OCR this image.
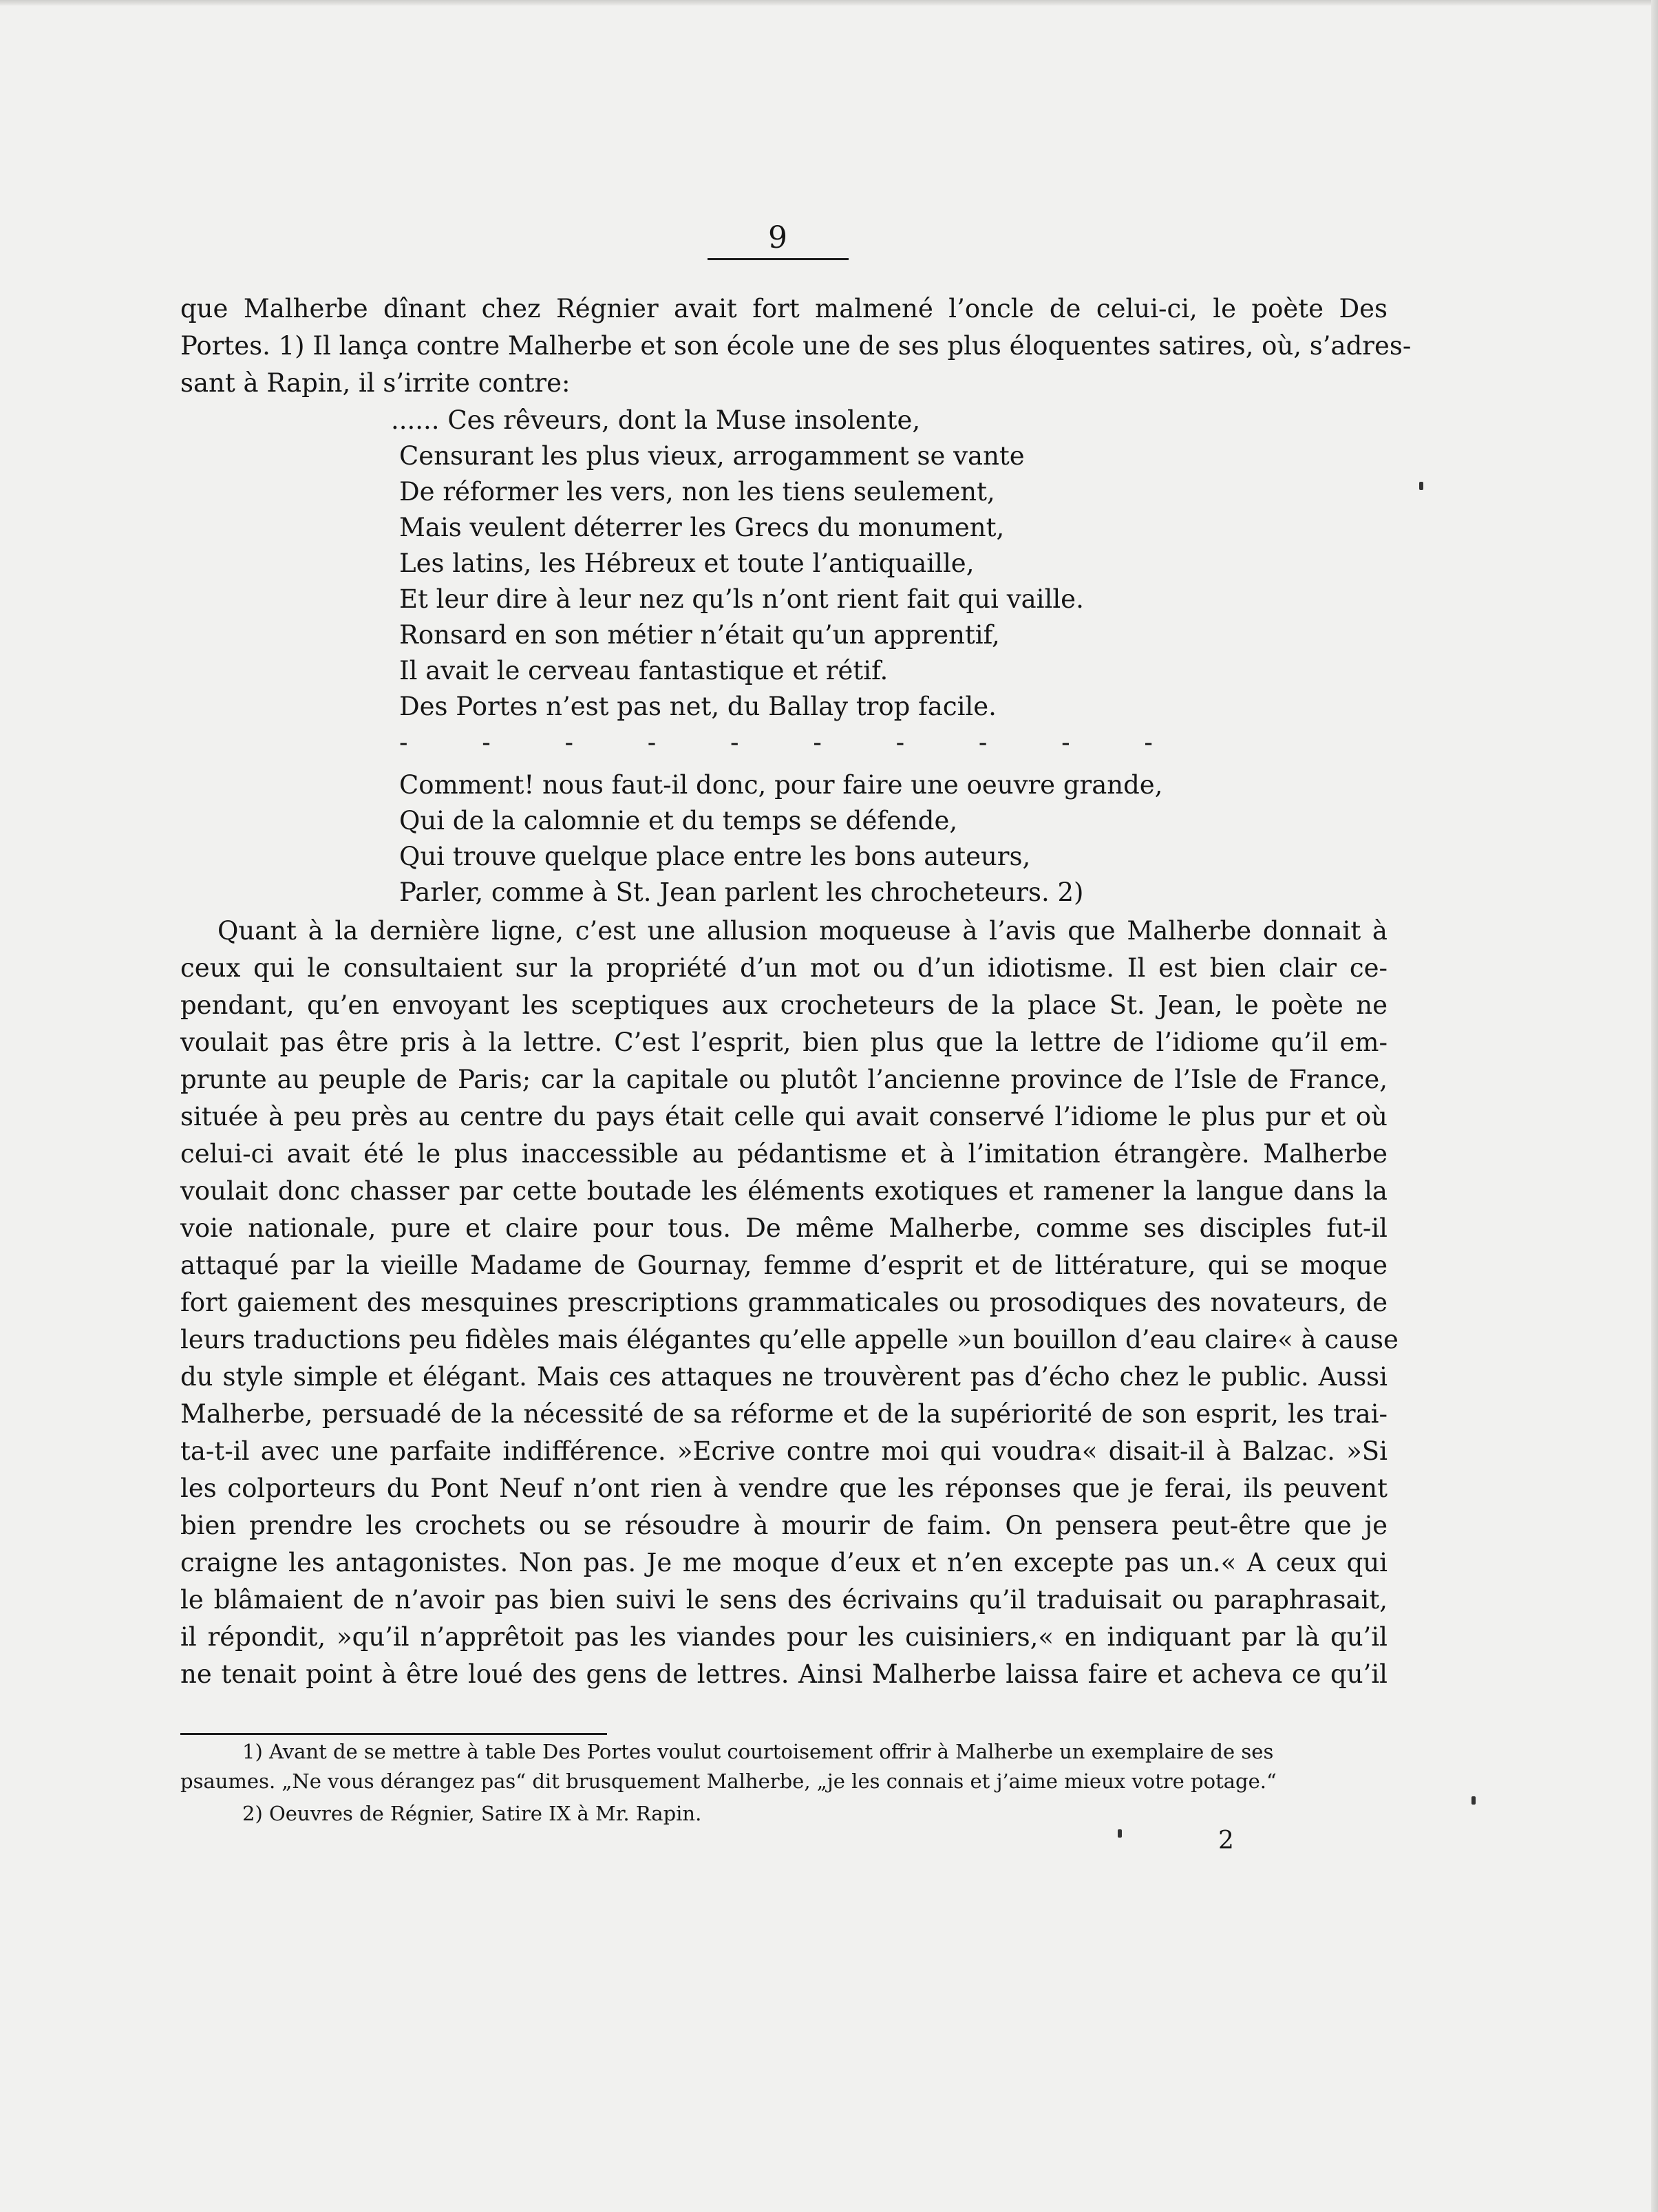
9
que Malherbe dînant chez Régnier avait fort malmené l’oncle de celui-ci, le poète Des
Portes. 1) Il lança contre Malherbe et son école une de ses plus éloquentes satires, où, s’adres-
sant à Rapin, il s’irrite contre:
...... Ces rêveurs, dont la Muse insolente,
Censurant les plus vieux, arrogamment se vante
De réformer les vers, non les tiens seulement,
Mais veulent déterrer les Grecs du monument,
Les latins, les Hébreux et toute l’antiquaille,
Et leur dire à leur nez qu’ls n’ont rient fait qui vaille.
Ronsard en son métier n’était qu’un apprentif,
Il avait le cerveau fantastique et rétif.
Des Portes n’est pas net, du Ballay trop facile.
- - - - - - - - - -
Comment! nous faut-il donc, pour faire une oeuvre grande,
Qui de la calomnie et du temps se défende,
Qui trouve quelque place entre les bons auteurs,
Parler, comme à St. Jean parlent les chrocheteurs. 2)
Quant à la dernière ligne, c’est une allusion moqueuse à l’avis que Malherbe donnait à
ceux qui le consultaient sur la propriété d’un mot ou d’un idiotisme. Il est bien clair ce-
pendant, qu’en envoyant les sceptiques aux crocheteurs de la place St. Jean, le poète ne
voulait pas être pris à la lettre. C’est l’esprit, bien plus que la lettre de l’idiome qu’il em-
prunte au peuple de Paris; car la capitale ou plutôt l’ancienne province de l’Isle de France,
située à peu près au centre du pays était celle qui avait conservé l’idiome le plus pur et où
celui-ci avait été le plus inaccessible au pédantisme et à l’imitation étrangère. Malherbe
voulait donc chasser par cette boutade les éléments exotiques et ramener la langue dans la
voie nationale, pure et claire pour tous. De même Malherbe, comme ses disciples fut-il
attaqué par la vieille Madame de Gournay, femme d’esprit et de littérature, qui se moque
fort gaiement des mesquines prescriptions grammaticales ou prosodiques des novateurs, de
leurs traductions peu fidèles mais élégantes qu’elle appelle »un bouillon d’eau claire« à cause
du style simple et élégant. Mais ces attaques ne trouvèrent pas d’écho chez le public. Aussi
Malherbe, persuadé de la nécessité de sa réforme et de la supériorité de son esprit, les trai-
ta-t-il avec une parfaite indifférence. »Ecrive contre moi qui voudra« disait-il à Balzac. »Si
les colporteurs du Pont Neuf n’ont rien à vendre que les réponses que je ferai, ils peuvent
bien prendre les crochets ou se résoudre à mourir de faim. On pensera peut-être que je
craigne les antagonistes. Non pas. Je me moque d’eux et n’en excepte pas un.« A ceux qui
le blâmaient de n’avoir pas bien suivi le sens des écrivains qu’il traduisait ou paraphrasait,
il répondit, »qu’il n’apprêtoit pas les viandes pour les cuisiniers,« en indiquant par là qu’il
ne tenait point à être loué des gens de lettres. Ainsi Malherbe laissa faire et acheva ce qu’il
1) Avant de se mettre à table Des Portes voulut courtoisement offrir à Malherbe un exemplaire de ses
psaumes. „Ne vous dérangez pas“ dit brusquement Malherbe, „je les connais et j’aime mieux votre potage.“
2) Oeuvres de Régnier, Satire IX à Mr. Rapin.
2
